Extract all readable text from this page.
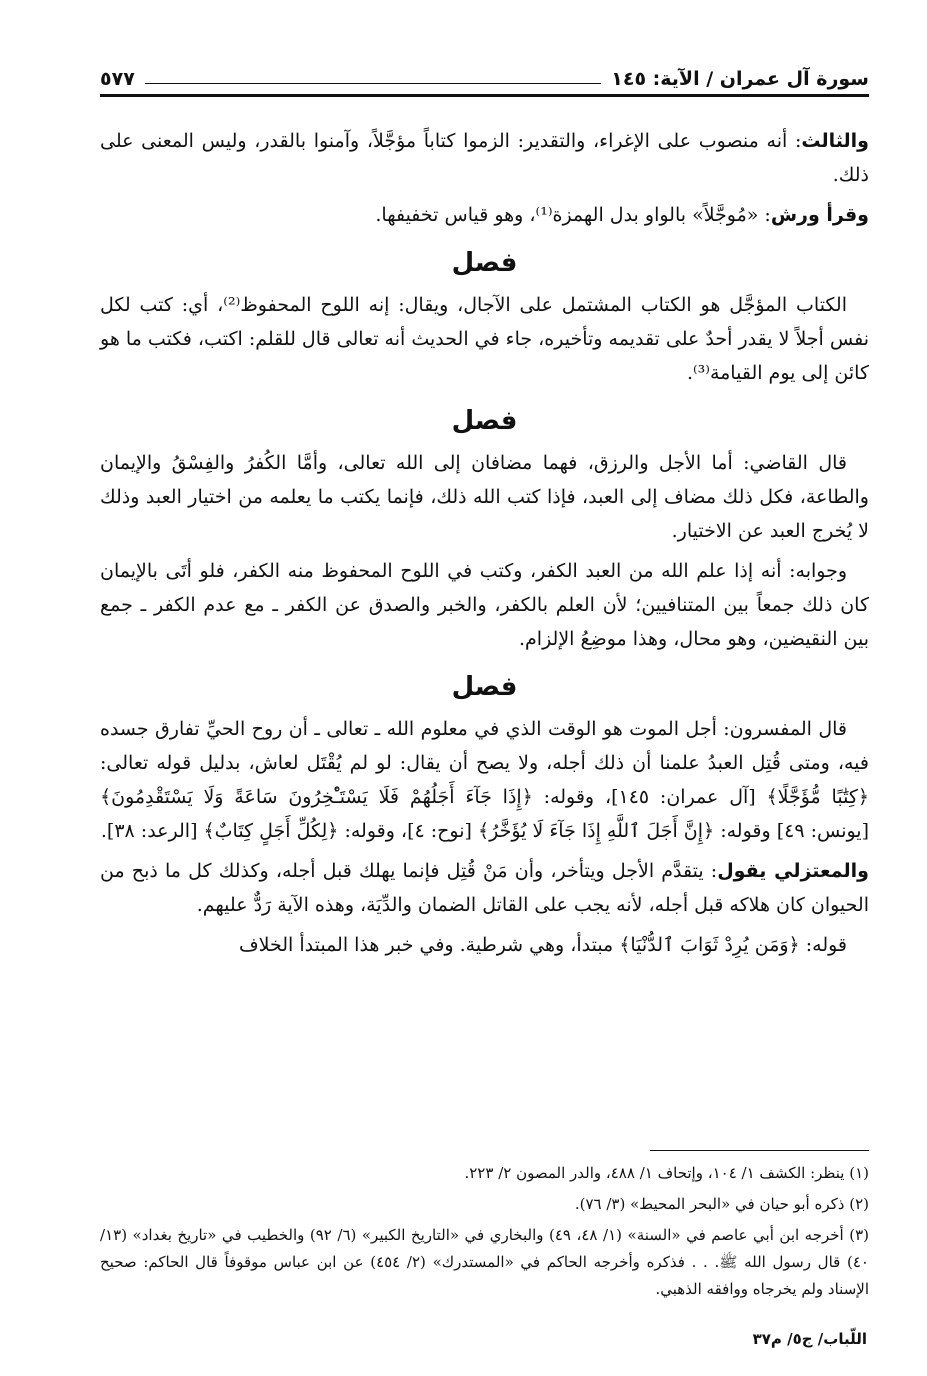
سورة آل عمران / الآية: ١٤٥
٥٧٧

والثالث: أنه منصوب على الإغراء، والتقدير: الزموا كتاباً مؤجَّلاً، وآمنوا بالقدر، وليس المعنى على ذلك.

وقرأ ورش: «مُوجَّلاً» بالواو بدل الهمزة⁽¹⁾، وهو قياس تخفيفها.

فصل

الكتاب المؤجَّل هو الكتاب المشتمل على الآجال، ويقال: إنه اللوح المحفوظ⁽²⁾، أي: كتب لكل نفس أجلاً لا يقدر أحدٌ على تقديمه وتأخيره، جاء في الحديث أنه تعالى قال للقلم: اكتب، فكتب ما هو كائن إلى يوم القيامة⁽³⁾.

فصل

قال القاضي: أما الأجل والرزق، فهما مضافان إلى الله تعالى، وأمَّا الكُفرُ والفِسْقُ والإيمان والطاعة، فكل ذلك مضاف إلى العبد، فإذا كتب الله ذلك، فإنما يكتب ما يعلمه من اختيار العبد وذلك لا يُخرج العبد عن الاختيار.

وجوابه: أنه إذا علم الله من العبد الكفر، وكتب في اللوح المحفوظ منه الكفر، فلو أتَى بالإيمان كان ذلك جمعاً بين المتنافيين؛ لأن العلم بالكفر، والخبر والصدق عن الكفر ـ مع عدم الكفر ـ جمع بين النقيضين، وهو محال، وهذا موضِعُ الإلزام.

فصل

قال المفسرون: أجل الموت هو الوقت الذي في معلوم الله ـ تعالى ـ أن روح الحيِّ تفارق جسده فيه، ومتى قُتِل العبدُ علمنا أن ذلك أجله، ولا يصح أن يقال: لو لم يُقْتَل لعاش، بدليل قوله تعالى: ﴿كِتَٰبًا مُّؤَجَّلًا﴾ [آل عمران: ١٤٥]، وقوله: ﴿إِذَا جَآءَ أَجَلُهُمْ فَلَا يَسْتَـْٔخِرُونَ سَاعَةً وَلَا يَسْتَقْدِمُونَ﴾ [يونس: ٤٩] وقوله: ﴿إِنَّ أَجَلَ ٱللَّهِ إِذَا جَآءَ لَا يُؤَخَّرُ﴾ [نوح: ٤]، وقوله: ﴿لِكُلِّ أَجَلٍ كِتَابٌ﴾ [الرعد: ٣٨].

والمعتزلي يقول: يتقدَّم الأجل ويتأخر، وأن مَنْ قُتِل فإنما يهلك قبل أجله، وكذلك كل ما ذبح من الحيوان كان هلاكه قبل أجله، لأنه يجب على القاتل الضمان والدِّيَة، وهذه الآية رَدٌّ عليهم.

قوله: ﴿وَمَن يُرِدْ ثَوَابَ ٱلدُّنْيَا﴾ مبتدأ، وهي شرطية. وفي خبر هذا المبتدأ الخلاف

(١) ينظر: الكشف ١/ ١٠٤، وإتحاف ١/ ٤٨٨، والدر المصون ٢/ ٢٢٣.

(٢) ذكره أبو حيان في «البحر المحيط» (٣/ ٧٦).

(٣) أخرجه ابن أبي عاصم في «السنة» (١/ ٤٨، ٤٩) والبخاري في «التاريخ الكبير» (٦/ ٩٢) والخطيب في «تاريخ بغداد» (١٣/ ٤٠) قال رسول الله ﷺ. . . فذكره وأخرجه الحاكم في «المستدرك» (٢/ ٤٥٤) عن ابن عباس موقوفاً قال الحاكم: صحيح الإسناد ولم يخرجاه ووافقه الذهبي.

اللّباب/ ج٥/ م٣٧
